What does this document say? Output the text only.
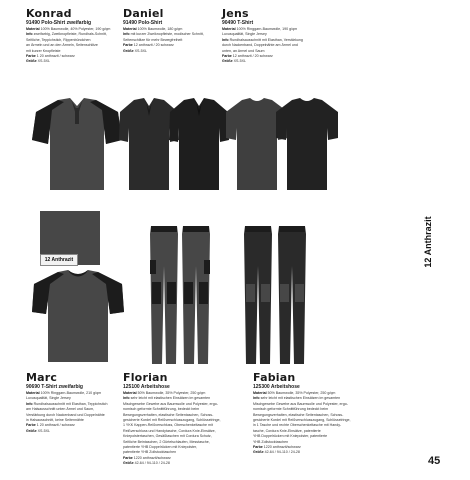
Konrad
91490 Polo-Shirt zweifarbig
Material 100% Baumwolle, 40% Polyester, 190 g/qm
Info zweifarbig, Zweiknopfleiste, Rundhals-Schnitt,
Seitliche, Teppichstich, Rippenbündchen
an Ärmeln und an den Ärmeln, Seitenschlitze
mit kurzer Knopfleiste
Farbe 1 20 anthrazit / schwarz
Größe XS-5XL
Daniel
91490 Polo-Shirt
Material 100% Baumwolle, 180 g/qm
Info mit kurzer Zweiknopfleiste, modischer Schnitt,
Seitenschlitze für mehr Bewegfreiheit
Farbe 12 anthrazit / 20 schwarz
Größe XS-5XL
Jens
90490 T-Shirt
Material 100% Ringgarn-Baumwolle, 190 g/qm
Luxusqualität, Single Jersey
Info Rundhalsausschnitt mit Elasthan, Verstärkung
durch Nackenband, Doppelnähte am Ärmel und
unten, an Armel und Saum
Farbe 12 anthrazit / 20 schwarz
Größe XS-5XL
12 Anthrazit	12 Anthrazit
Marc
90690 T-Shirt zweifarbig
Material 100% Ringgarn-Baumwolle, 210 g/qm
Luxusqualität, Single Jersey
Info Rundhalsausschnitt mit Elasthan, Teppichstich
am Halsausschnitt unten Ärmel und Saum,
Verstärkung durch Nackenband und Doppelnähte
in Halsausschnitt, keine Seitennähte
Farbe 1 20 anthrazit / schwarz
Größe XS-5XL
Florian
125100 Arbeitshose
Material 50% Baumwolle, 35% Polyester, 250 g/qm
Info sehr leicht mit elastischen Einsätzen im gesamten
Mischgewebe Gewebe aus Baumwolle und Polyester, ergo-
nomisch geformte Schnittführung, bedeckt beim
Bewegungsverhalten, elastische Seitentaschen, Schoss-
gesicherte Kordel mit Reißverschlusszugang, Schlüsselringe,
1 YKK Kappen-Reißverschluss, Oberschenkeltasche mit
Reißverschluss und Handytasche, Cordura Knie-Einsätze,
Kniepolstertaschen, Gesäßtaschen mit Cordura Schutz,
Seitliche Beintaschen, 2 Gürtelschlaufen, Messtasche,
patentierte YHB Doppelrücken mit Kniepolster,
patentierte YHB Zollstocktaschen
Farbe 1220 anthrazit/schwarz
Größe 42-64 / 94-110 / 24-28
Fabian
125300 Arbeitshose
Material 50% Baumwolle, 35% Polyester, 250 g/qm
Info sehr leicht mit elastischen Einsätzen im gesamten
Mischgewebe Gewebe aus Baumwolle und Polyester, ergo-
nomisch geformte Schnittführung bedeckt beim
Bewegungsverhalten, elastische Seitentaschen, Schoss-
gesicherte Kordel mit Reißverschlusszugang, Schlüsselringe,
in 1 Tasche und rechte Oberschenkeltasche mit Handy-
tasche, Cordura Knie-Einsätze, patentierte
YHB Doppelrücken mit Kniepolster, patentierte
YHB Zollstocktaschen
Farbe 1220 anthrazit/schwarz
Größe 42-64 / 94-110 / 24-28
45
